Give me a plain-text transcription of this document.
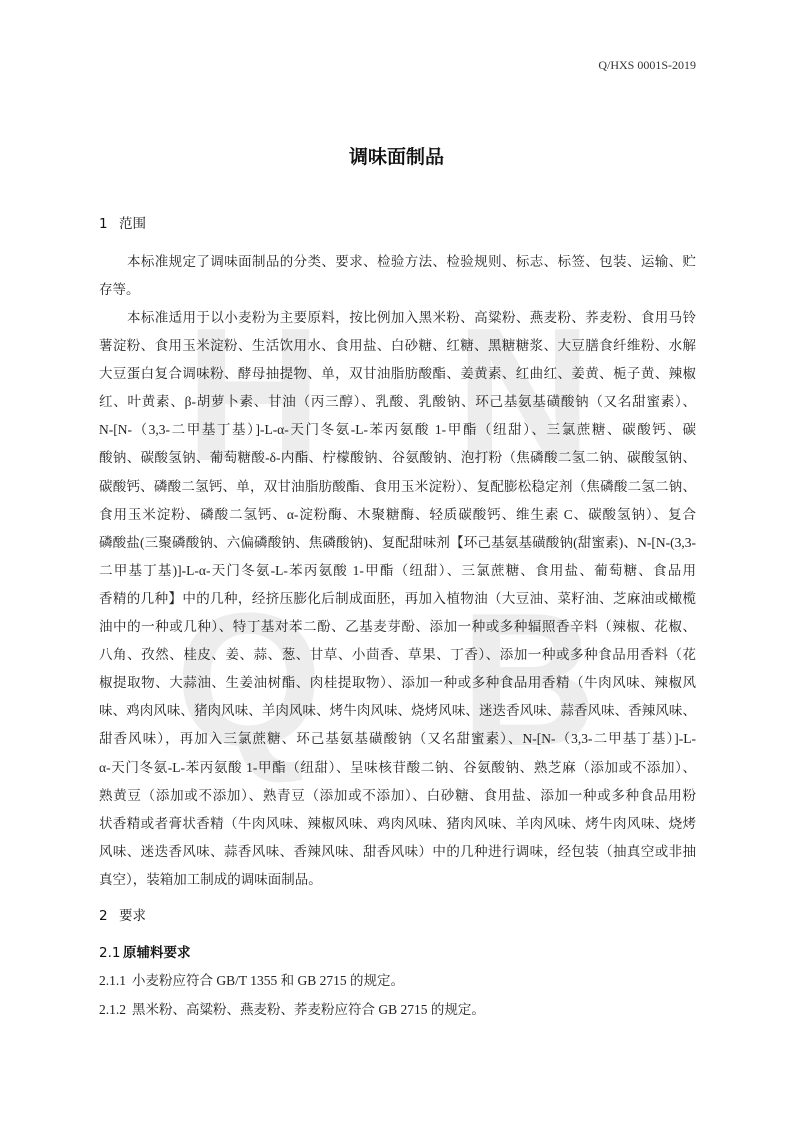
H N
Q B
Q/HXS 0001S-2019
调味面制品
1 范围
本标准规定了调味面制品的分类、要求、检验方法、检验规则、标志、标签、包装、运输、贮
存等。
本标准适用于以小麦粉为主要原料，按比例加入黑米粉、高粱粉、燕麦粉、荞麦粉、食用马铃
薯淀粉、食用玉米淀粉、生活饮用水、食用盐、白砂糖、红糖、黑糖糖浆、大豆膳食纤维粉、水解
大豆蛋白复合调味粉、酵母抽提物、单，双甘油脂肪酸酯、姜黄素、红曲红、姜黄、栀子黄、辣椒
红、叶黄素、β-胡萝卜素、甘油（丙三醇）、乳酸、乳酸钠、环己基氨基磺酸钠（又名甜蜜素）、
N-[N-（3,3-二甲基丁基）]-L-α-天门冬氨-L-苯丙氨酸 1-甲酯（纽甜）、三氯蔗糖、碳酸钙、碳
酸钠、碳酸氢钠、葡萄糖酸-δ-内酯、柠檬酸钠、谷氨酸钠、泡打粉（焦磷酸二氢二钠、碳酸氢钠、
碳酸钙、磷酸二氢钙、单，双甘油脂肪酸酯、食用玉米淀粉）、复配膨松稳定剂（焦磷酸二氢二钠、
食用玉米淀粉、磷酸二氢钙、α-淀粉酶、木聚糖酶、轻质碳酸钙、维生素 C、碳酸氢钠）、复合
磷酸盐(三聚磷酸钠、六偏磷酸钠、焦磷酸钠)、复配甜味剂【环己基氨基磺酸钠(甜蜜素)、N-[N-(3,3-
二甲基丁基)]-L-α-天门冬氨-L-苯丙氨酸 1-甲酯（纽甜）、三氯蔗糖、食用盐、葡萄糖、食品用
香精的几种】中的几种，经挤压膨化后制成面胚，再加入植物油（大豆油、菜籽油、芝麻油或橄榄
油中的一种或几种）、特丁基对苯二酚、乙基麦芽酚、添加一种或多种辐照香辛料（辣椒、花椒、
八角、孜然、桂皮、姜、蒜、葱、甘草、小茴香、草果、丁香）、添加一种或多种食品用香料（花
椒提取物、大蒜油、生姜油树酯、肉桂提取物）、添加一种或多种食品用香精（牛肉风味、辣椒风
味、鸡肉风味、猪肉风味、羊肉风味、烤牛肉风味、烧烤风味、迷迭香风味、蒜香风味、香辣风味、
甜香风味），再加入三氯蔗糖、环己基氨基磺酸钠（又名甜蜜素）、N-[N-（3,3-二甲基丁基）]-L-
α-天门冬氨-L-苯丙氨酸 1-甲酯（纽甜）、呈味核苷酸二钠、谷氨酸钠、熟芝麻（添加或不添加）、
熟黄豆（添加或不添加）、熟青豆（添加或不添加）、白砂糖、食用盐、添加一种或多种食品用粉
状香精或者膏状香精（牛肉风味、辣椒风味、鸡肉风味、猪肉风味、羊肉风味、烤牛肉风味、烧烤
风味、迷迭香风味、蒜香风味、香辣风味、甜香风味）中的几种进行调味，经包装（抽真空或非抽
真空），装箱加工制成的调味面制品。
2 要求
2.1 原辅料要求
2.1.1 小麦粉应符合 GB/T 1355 和 GB 2715 的规定。
2.1.2 黑米粉、高粱粉、燕麦粉、荞麦粉应符合 GB 2715 的规定。
